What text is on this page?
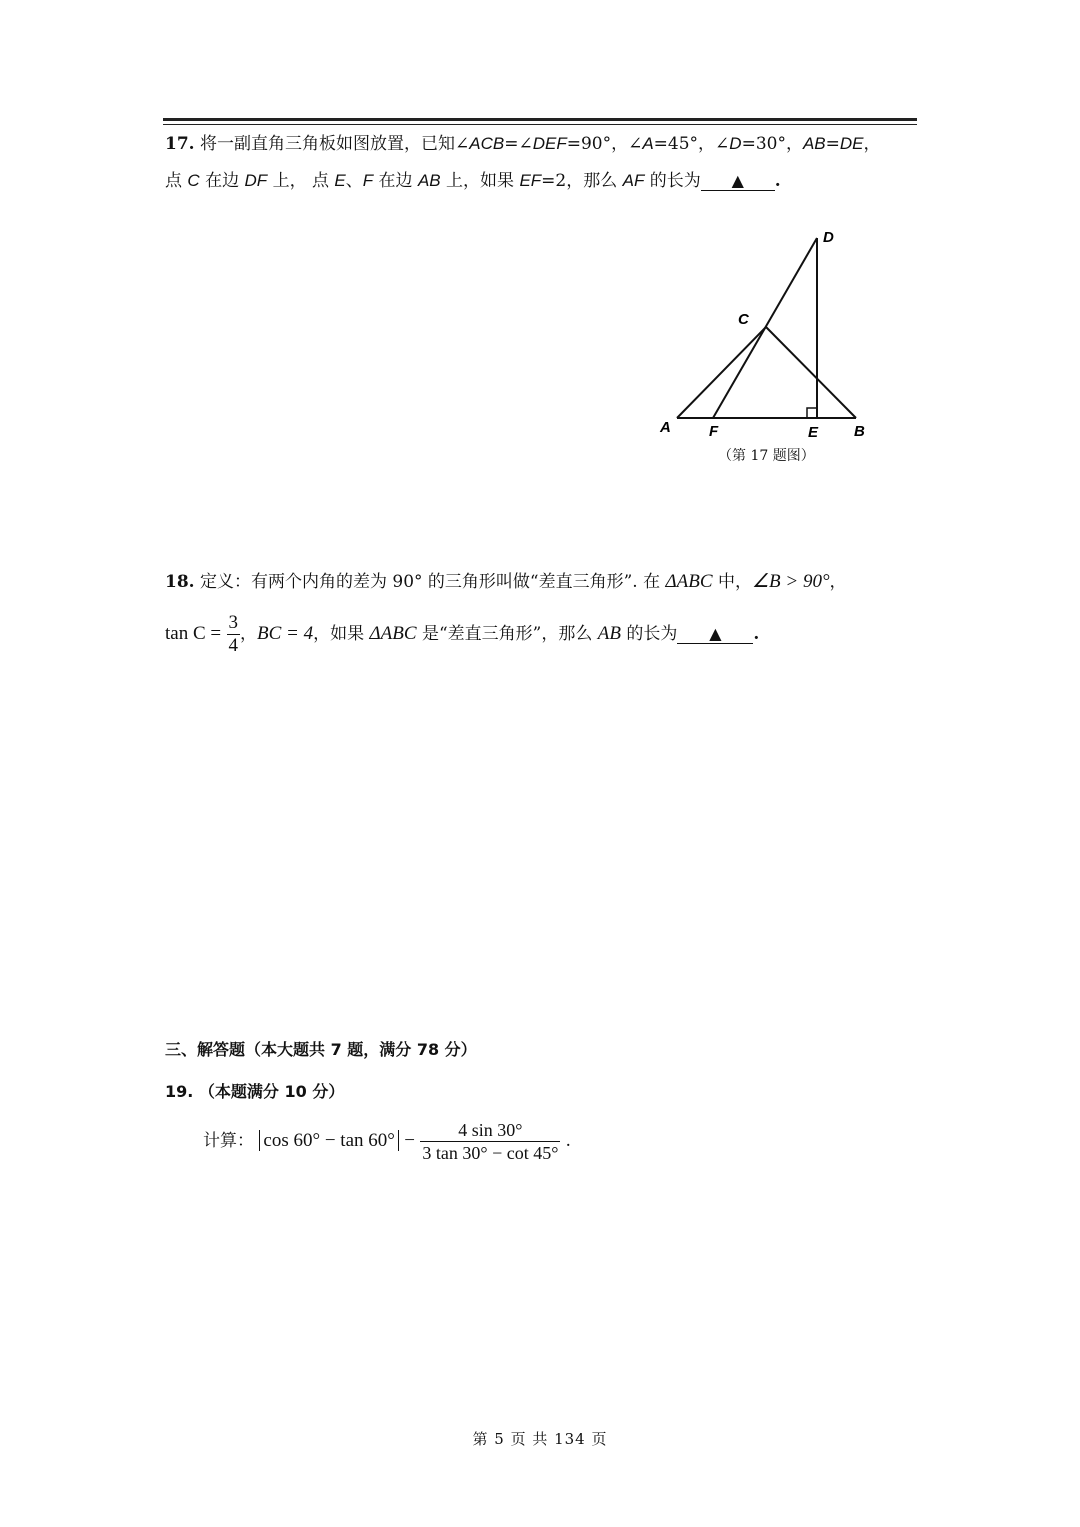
17. 将一副直角三角板如图放置，已知∠ACB=∠DEF=90°，∠A=45°，∠D=30°，AB=DE，
点 C 在边 DF 上， 点 E、F 在边 AB 上，如果 EF=2，那么 AF 的长为 ▲ .
D
C
A	F	E B
（第 17 题图）
18. 定义：有两个内角的差为 90° 的三角形叫做“差直三角形”. 在 ΔABC 中，∠B > 90°，
$\tan C = \frac{3}{4}$ ，BC = 4，如果 ΔABC 是“差直三角形”，那么 AB 的长为 ▲ .
三、解答题（本大题共 7 题，满分 78 分）
19. （本题满分 10 分）
计算： $\cos 60^\circ - \tan 60^\circ - \frac{4 \sin 30^\circ}{3 \tan 30^\circ - \cot 45^\circ}$ .
第 5 页 共 134 页
